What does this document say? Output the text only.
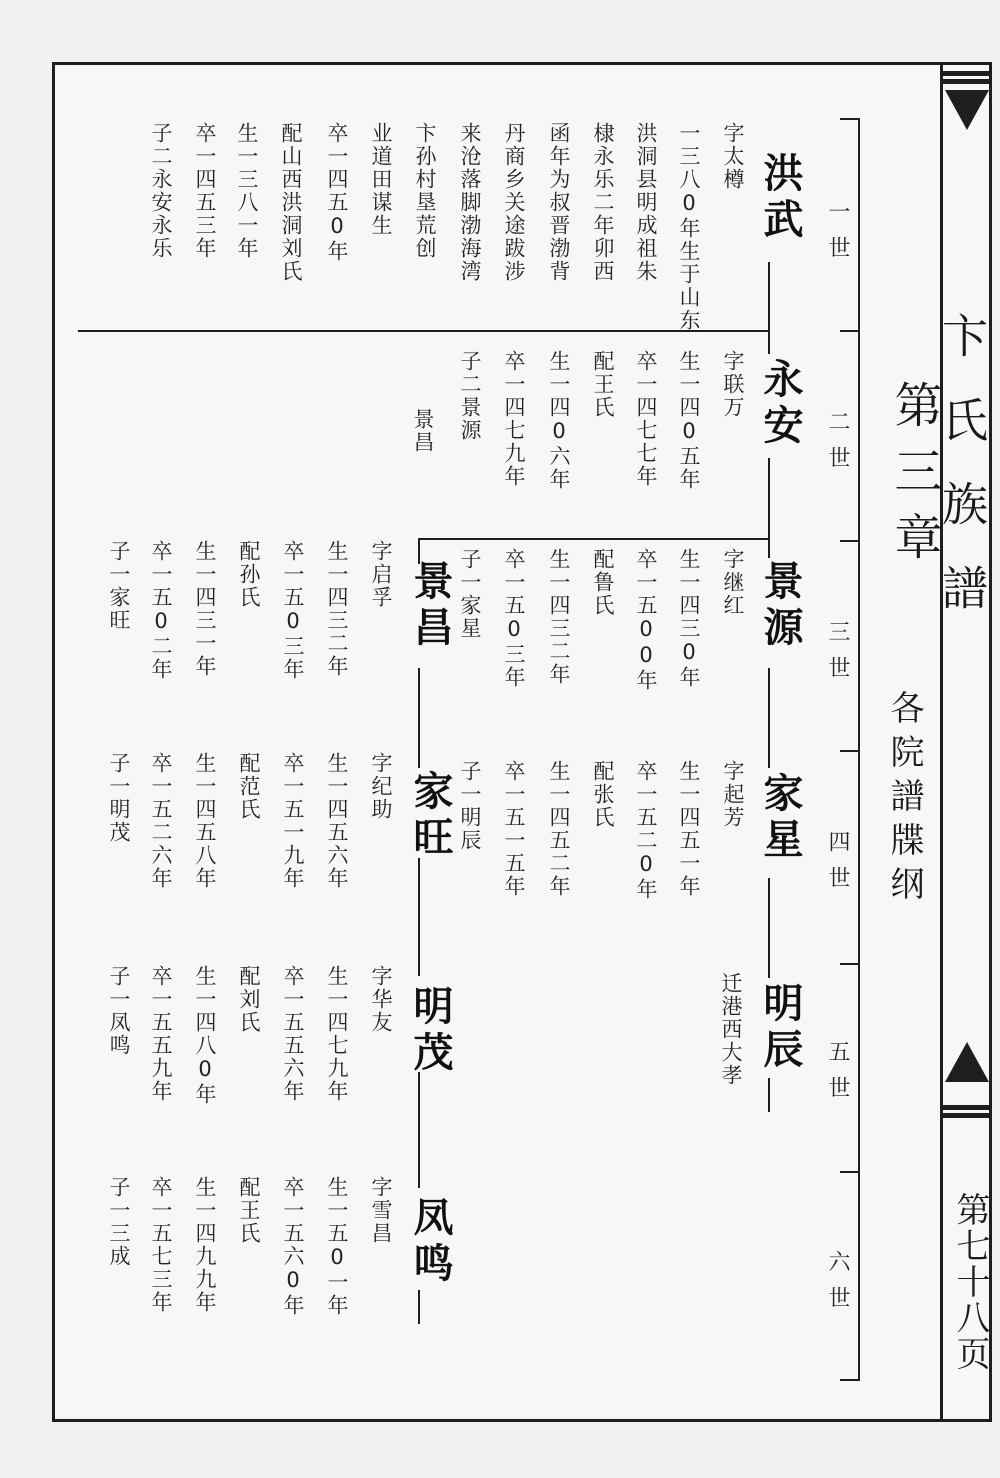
卞氏族譜
第七十八页
第三章
各院譜牒纲
一世
二世
三世
四世
五世
六世
洪武
字太樽
一三八0年生于山东
洪洞县明成祖朱
棣永乐二年卯西
函年为叔晋渤背
丹商乡关途跋涉
来沧落脚渤海湾
卞孙村垦荒创
业道田谋生
卒一四五0年
配山西洪洞刘氏
生一三八一年
卒一四五三年
子二永安永乐
永安
字联万
生一四0五年
卒一四七七年
配王氏
生一四0六年
卒一四七九年
子二景源
景昌
景源
字继红
生一四三0年
卒一五00年
配鲁氏
生一四三二年
卒一五0三年
子一家星
家星
字起芳
生一四五一年
卒一五二0年
配张氏
生一四五二年
卒一五一五年
子一明辰
明辰
迁港西大孝
景昌
字启孚
生一四三二年
卒一五0三年
配孙氏
生一四三一年
卒一五0二年
子一家旺
家旺
字纪助
生一四五六年
卒一五一九年
配范氏
生一四五八年
卒一五二六年
子一明茂
明茂
字华友
生一四七九年
卒一五五六年
配刘氏
生一四八0年
卒一五五九年
子一凤鸣
凤鸣
字雪昌
生一五0一年
卒一五六0年
配王氏
生一四九九年
卒一五七三年
子一三成
